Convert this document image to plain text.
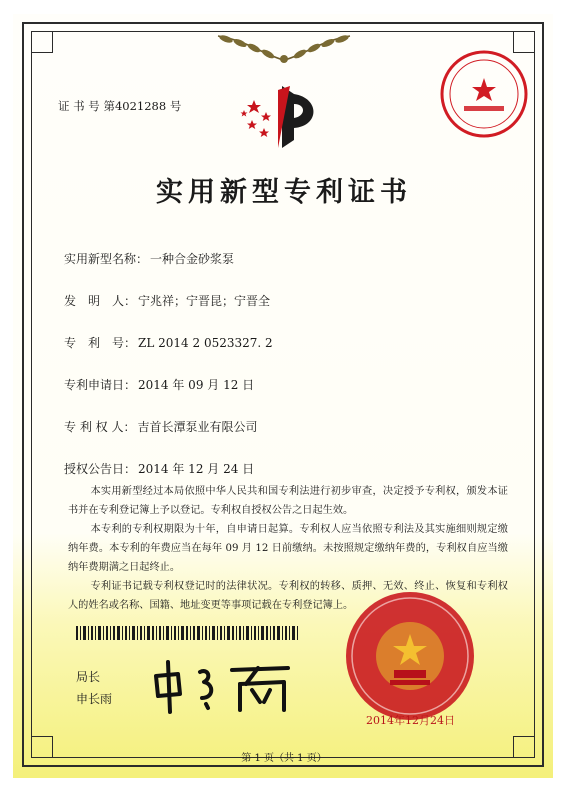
证 书 号 第4021288 号
实用新型专利证书
实用新型名称： 一种合金砂浆泵
发　明　人： 宁兆祥；宁晋昆；宁晋全
专　利　号： ZL 2014 2 0523327. 2
专利申请日： 2014 年 09 月 12 日
专 利 权 人： 吉首长潭泵业有限公司
授权公告日： 2014 年 12 月 24 日

本实用新型经过本局依照中华人民共和国专利法进行初步审查，决定授予专利权，颁发本证书并在专利登记簿上予以登记。专利权自授权公告之日起生效。

本专利的专利权期限为十年，自申请日起算。专利权人应当依照专利法及其实施细则规定缴纳年费。本专利的年费应当在每年 09 月 12 日前缴纳。未按照规定缴纳年费的，专利权自应当缴纳年费期满之日起终止。

专利证书记载专利权登记时的法律状况。专利权的转移、质押、无效、终止、恢复和专利权人的姓名或名称、国籍、地址变更等事项记载在专利登记簿上。

局长
申长雨
2014年12月24日
第 1 页（共 1 页）
